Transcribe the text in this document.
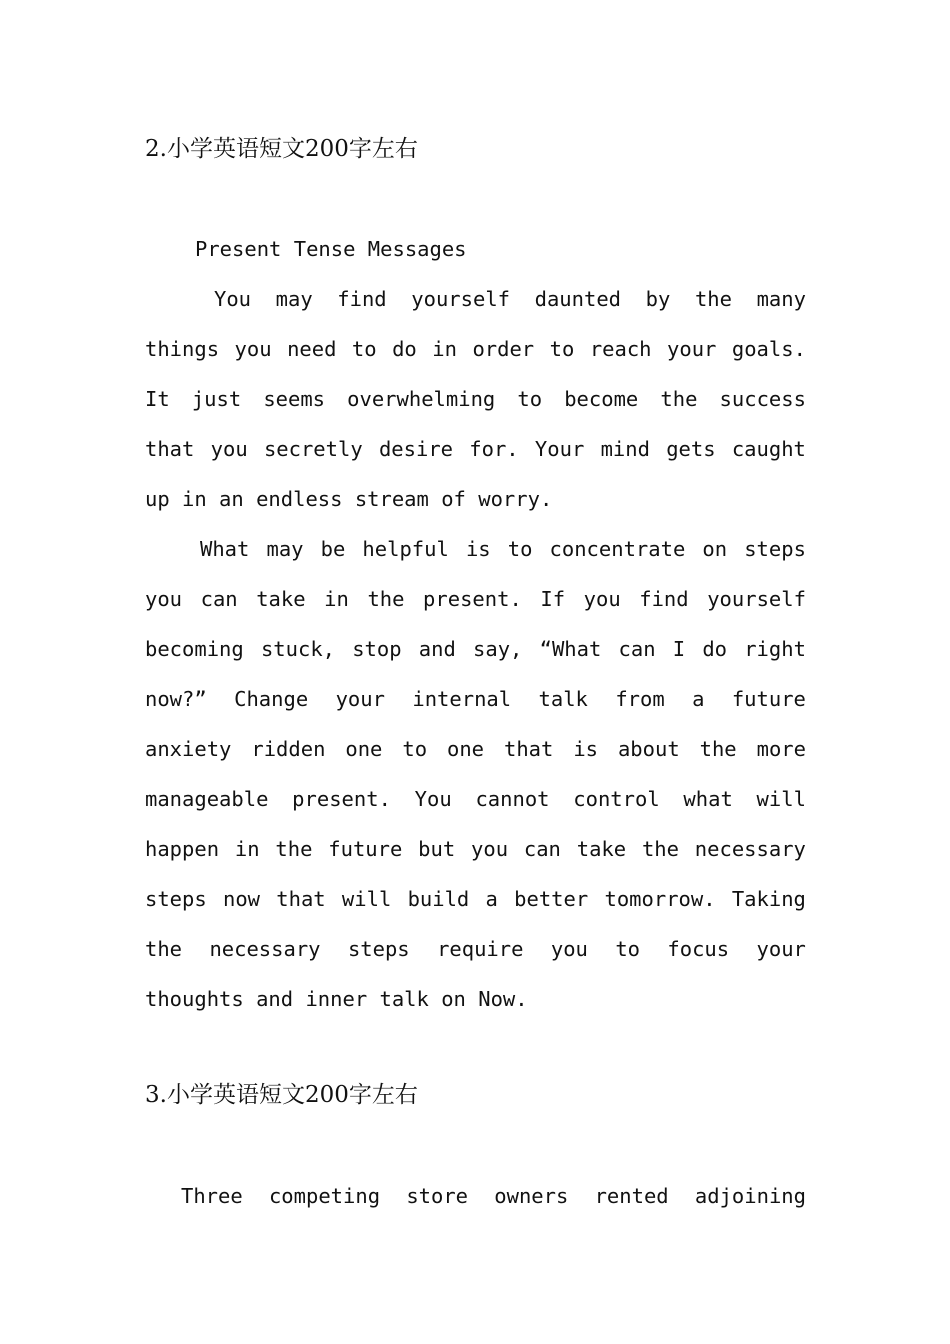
2.小学英语短文200字左右
Present Tense Messages
You may find yourself daunted by the many
things you need to do in order to reach your goals.
It just seems overwhelming to become the success
that you secretly desire for. Your mind gets caught
up in an endless stream of worry.
What may be helpful is to concentrate on steps
you can take in the present. If you find yourself
becoming stuck, stop and say, “What can I do right
now?” Change your internal talk from a future
anxiety ridden one to one that is about the more
manageable present. You cannot control what will
happen in the future but you can take the necessary
steps now that will build a better tomorrow. Taking
the necessary steps require you to focus your
thoughts and inner talk on Now.
3.小学英语短文200字左右
Three competing store owners rented adjoining
